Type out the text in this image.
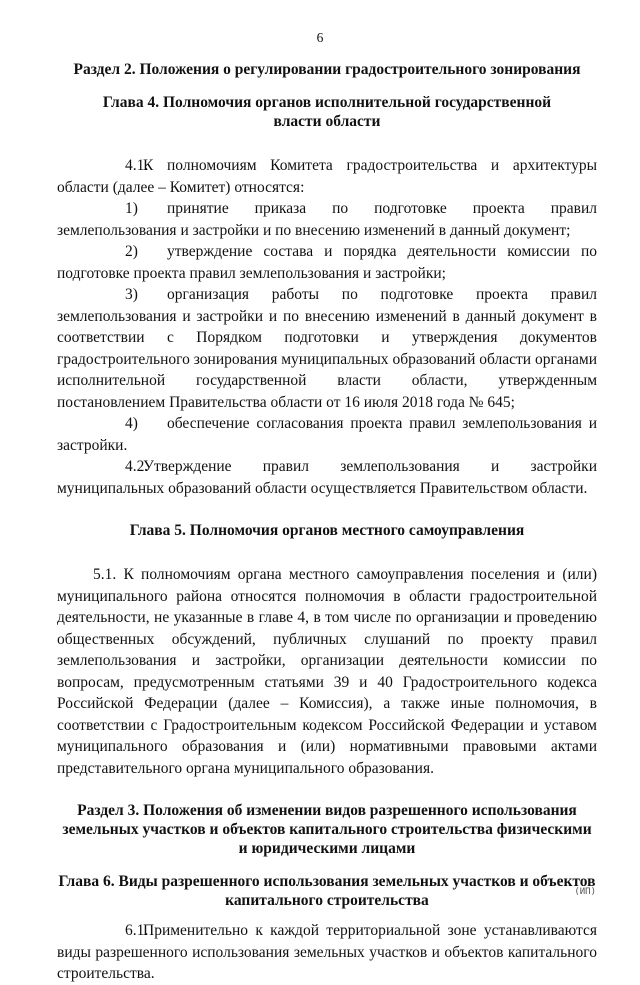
6
Раздел 2. Положения о регулировании градостроительного зонирования
Глава 4. Полномочия органов исполнительной государственной власти области

4.1.К полномочиям Комитета градостроительства и архитектуры области (далее – Комитет) относятся:

1) принятие приказа по подготовке проекта правил землепользования и застройки и по внесению изменений в данный документ;

2) утверждение состава и порядка деятельности комиссии по подготовке проекта правил землепользования и застройки;

3) организация работы по подготовке проекта правил землепользования и застройки и по внесению изменений в данный документ в соответствии с Порядком подготовки и утверждения документов градостроительного зонирования муниципальных образований области органами исполнительной государственной власти области, утвержденным постановлением Правительства области от 16 июля 2018 года № 645;

4) обеспечение согласования проекта правил землепользования и застройки.

4.2.Утверждение правил землепользования и застройки муниципальных образований области осуществляется Правительством области.

Глава 5. Полномочия органов местного самоуправления

5.1. К полномочиям органа местного самоуправления поселения и (или) муниципального района относятся полномочия в области градостроительной деятельности, не указанные в главе 4, в том числе по организации и проведению общественных обсуждений, публичных слушаний по проекту правил землепользования и застройки, организации деятельности комиссии по вопросам, предусмотренным статьями 39 и 40 Градостроительного кодекса Российской Федерации (далее – Комиссия), а также иные полномочия, в соответствии с Градостроительным кодексом Российской Федерации и уставом муниципального образования и (или) нормативными правовыми актами представительного органа муниципального образования.

Раздел 3. Положения об изменении видов разрешенного использования земельных участков и объектов капитального строительства физическими и юридическими лицами
Глава 6. Виды разрешенного использования земельных участков и объектов капитального строительства

6.1.Применительно к каждой территориальной зоне устанавливаются виды разрешенного использования земельных участков и объектов капитального строительства.

(ИП)
